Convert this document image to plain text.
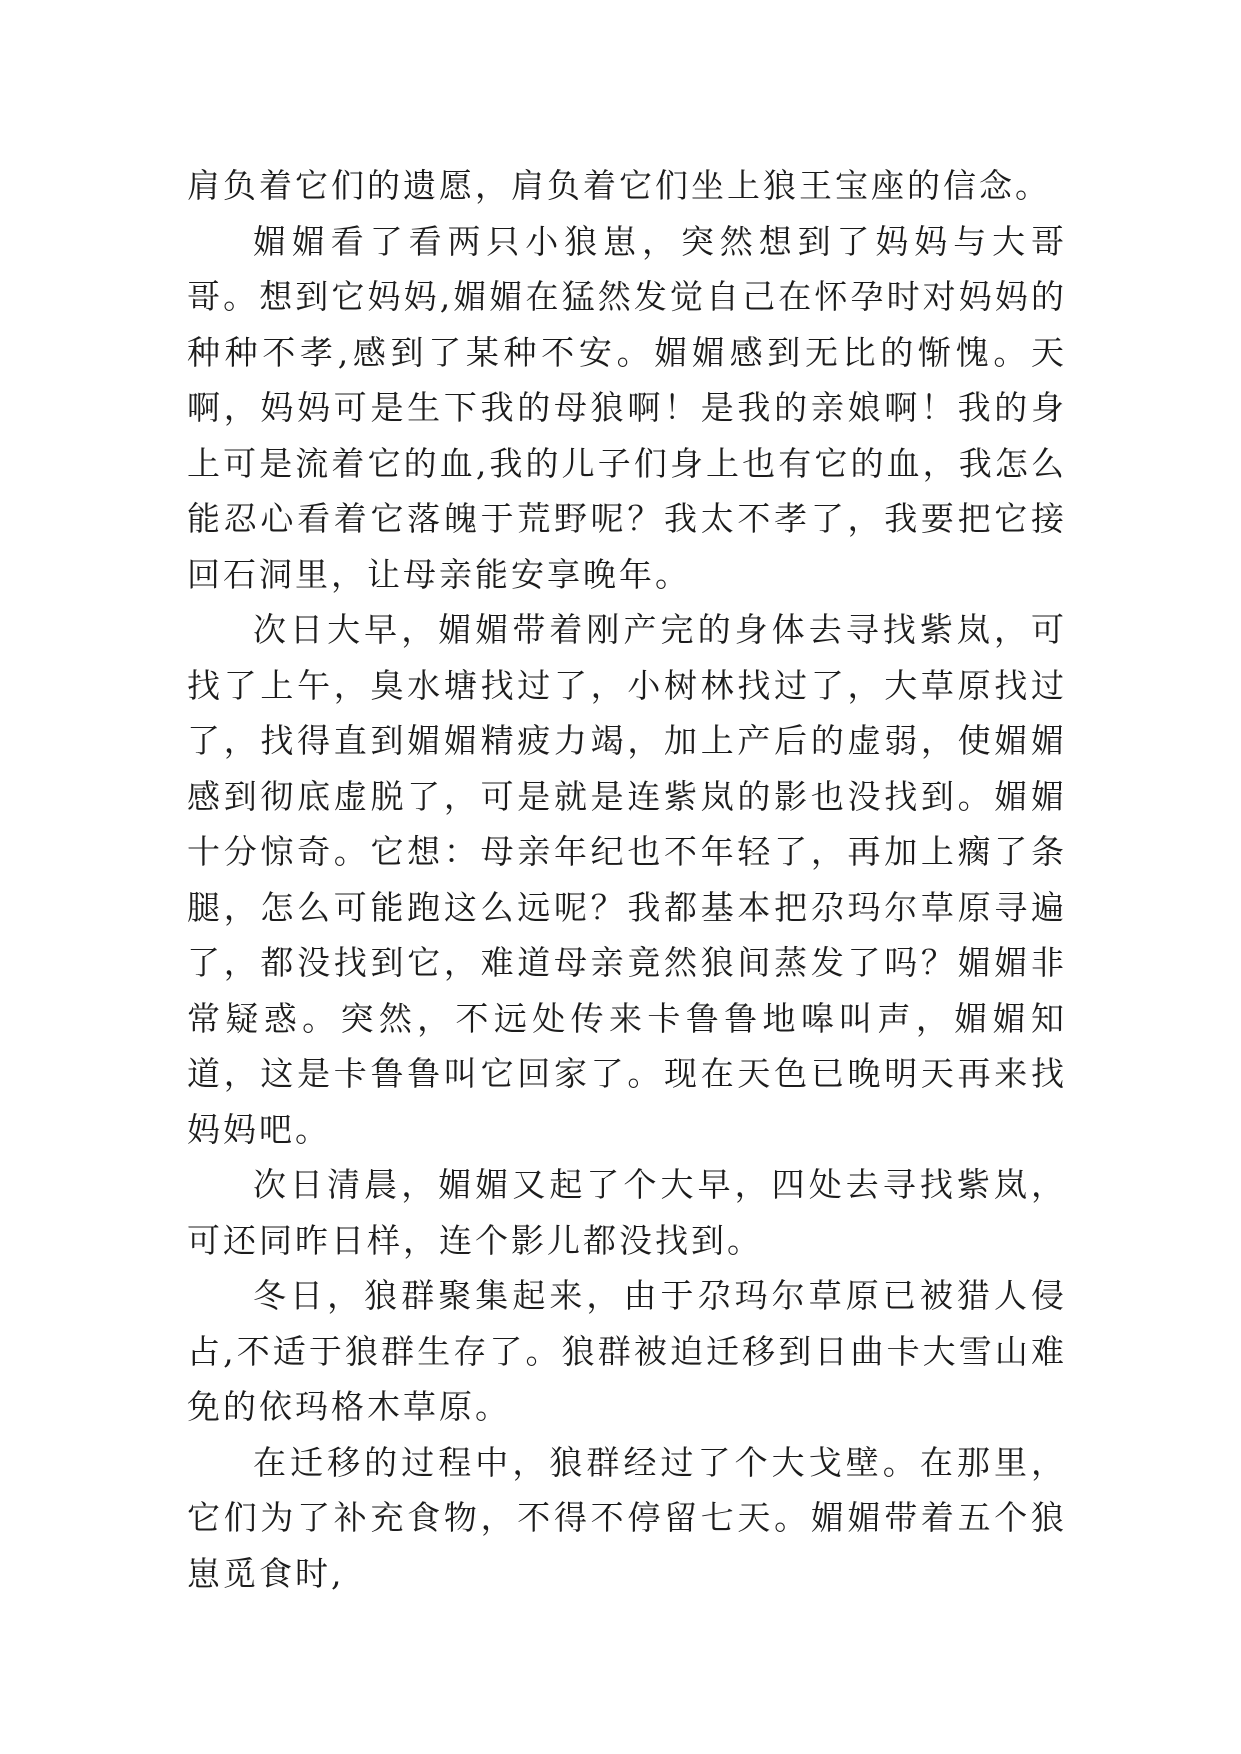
肩负着它们的遗愿，肩负着它们坐上狼王宝座的信念。

媚媚看了看两只小狼崽，突然想到了妈妈与大哥哥。想到它妈妈,媚媚在猛然发觉自己在怀孕时对妈妈的种种不孝,感到了某种不安。媚媚感到无比的惭愧。天啊，妈妈可是生下我的母狼啊！是我的亲娘啊！我的身上可是流着它的血,我的儿子们身上也有它的血，我怎么能忍心看着它落魄于荒野呢？我太不孝了，我要把它接回石洞里，让母亲能安享晚年。

次日大早，媚媚带着刚产完的身体去寻找紫岚，可找了上午，臭水塘找过了，小树林找过了，大草原找过了，找得直到媚媚精疲力竭，加上产后的虚弱，使媚媚感到彻底虚脱了，可是就是连紫岚的影也没找到。媚媚十分惊奇。它想：母亲年纪也不年轻了，再加上瘸了条腿，怎么可能跑这么远呢？我都基本把尕玛尔草原寻遍了，都没找到它，难道母亲竟然狼间蒸发了吗？媚媚非常疑惑。突然，不远处传来卡鲁鲁地嗥叫声，媚媚知道，这是卡鲁鲁叫它回家了。现在天色已晚明天再来找妈妈吧。

次日清晨，媚媚又起了个大早，四处去寻找紫岚，可还同昨日样，连个影儿都没找到。

冬日，狼群聚集起来，由于尕玛尔草原已被猎人侵占,不适于狼群生存了。狼群被迫迁移到日曲卡大雪山难免的依玛格木草原。

在迁移的过程中，狼群经过了个大戈壁。在那里，它们为了补充食物，不得不停留七天。媚媚带着五个狼崽觅食时,
